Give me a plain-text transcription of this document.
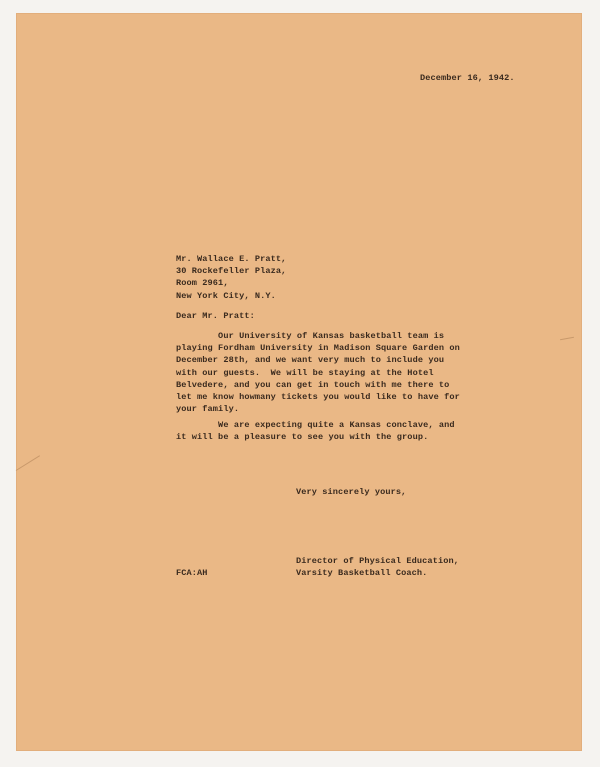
December 16, 1942.
Mr. Wallace E. Pratt,
30 Rockefeller Plaza,
Room 2961,
New York City, N.Y.
Dear Mr. Pratt:
Our University of Kansas basketball team is
playing Fordham University in Madison Square Garden on
December 28th, and we want very much to include you
with our guests.  We will be staying at the Hotel
Belvedere, and you can get in touch with me there to
let me know howmany tickets you would like to have for
your family.
We are expecting quite a Kansas conclave, and
it will be a pleasure to see you with the group.
Very sincerely yours,
Director of Physical Education,
Varsity Basketball Coach.
FCA:AH
